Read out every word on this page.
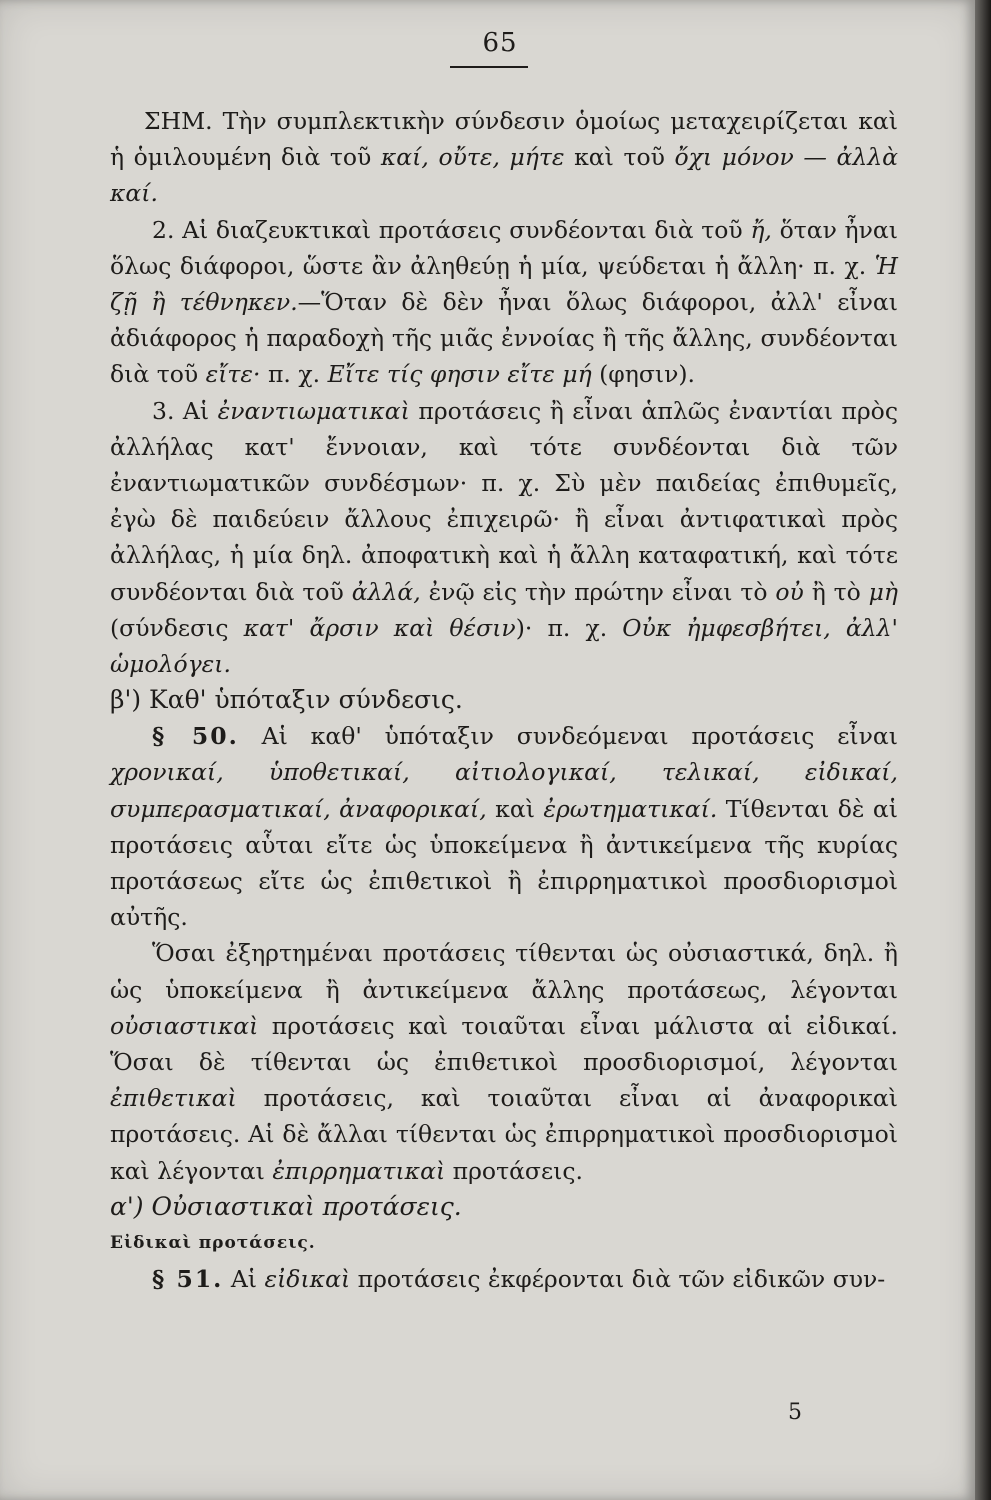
65

ΣΗΜ. Τὴν συμπλεκτικὴν σύνδεσιν ὁμοίως μεταχειρίζεται καὶ ἡ ὁμιλουμένη διὰ τοῦ καί, οὔτε, μήτε καὶ τοῦ ὄχι μόνον — ἀλλὰ καί.

2. Αἱ διαζευκτικαὶ προτάσεις συνδέονται διὰ τοῦ ἤ, ὅταν ἦναι ὅλως διάφοροι, ὥστε ἂν ἀληθεύῃ ἡ μία, ψεύδεται ἡ ἄλλη· π. χ. Ἡ ζῇ ἢ τέθνηκεν.—Ὅταν δὲ δὲν ἦναι ὅλως διάφοροι, ἀλλ' εἶναι ἀδιάφορος ἡ παραδοχὴ τῆς μιᾶς ἐννοίας ἢ τῆς ἄλλης, συνδέονται διὰ τοῦ εἴτε· π. χ. Εἴτε τίς φησιν εἴτε μή (φησιν).

3. Αἱ ἐναντιωματικαὶ προτάσεις ἢ εἶναι ἁπλῶς ἐναντίαι πρὸς ἀλλήλας κατ' ἔννοιαν, καὶ τότε συνδέονται διὰ τῶν ἐναντιωματικῶν συνδέσμων· π. χ. Σὺ μὲν παιδείας ἐπιθυμεῖς, ἐγὼ δὲ παιδεύειν ἄλλους ἐπιχειρῶ· ἢ εἶναι ἀντιφατικαὶ πρὸς ἀλλήλας, ἡ μία δηλ. ἀποφατικὴ καὶ ἡ ἄλλη καταφατική, καὶ τότε συνδέονται διὰ τοῦ ἀλλά, ἐνῷ εἰς τὴν πρώτην εἶναι τὸ οὐ ἢ τὸ μὴ (σύνδεσις κατ' ἄρσιν καὶ θέσιν)· π. χ. Οὐκ ἠμφεσβήτει, ἀλλ' ὡμολόγει.

β') Καθ' ὑπόταξιν σύνδεσις.

§ 50. Αἱ καθ' ὑπόταξιν συνδεόμεναι προτάσεις εἶναι χρονικαί, ὑποθετικαί, αἰτιολογικαί, τελικαί, εἰδικαί, συμπερασματικαί, ἀναφορικαί, καὶ ἐρωτηματικαί. Τίθενται δὲ αἱ προτάσεις αὗται εἴτε ὡς ὑποκείμενα ἢ ἀντικείμενα τῆς κυρίας προτάσεως εἴτε ὡς ἐπιθετικοὶ ἢ ἐπιρρηματικοὶ προσδιορισμοὶ αὐτῆς.

Ὅσαι ἐξηρτημέναι προτάσεις τίθενται ὡς οὐσιαστικά, δηλ. ἢ ὡς ὑποκείμενα ἢ ἀντικείμενα ἄλλης προτάσεως, λέγονται οὐσιαστικαὶ προτάσεις καὶ τοιαῦται εἶναι μάλιστα αἱ εἰδικαί. Ὅσαι δὲ τίθενται ὡς ἐπιθετικοὶ προσδιορισμοί, λέγονται ἐπιθετικαὶ προτάσεις, καὶ τοιαῦται εἶναι αἱ ἀναφορικαὶ προτάσεις. Αἱ δὲ ἄλλαι τίθενται ὡς ἐπιρρηματικοὶ προσδιορισμοὶ καὶ λέγονται ἐπιρρηματικαὶ προτάσεις.

α') Οὐσιαστικαὶ προτάσεις.

Εἰδικαὶ προτάσεις.

§ 51. Αἱ εἰδικαὶ προτάσεις ἐκφέρονται διὰ τῶν εἰδικῶν συν-

5
